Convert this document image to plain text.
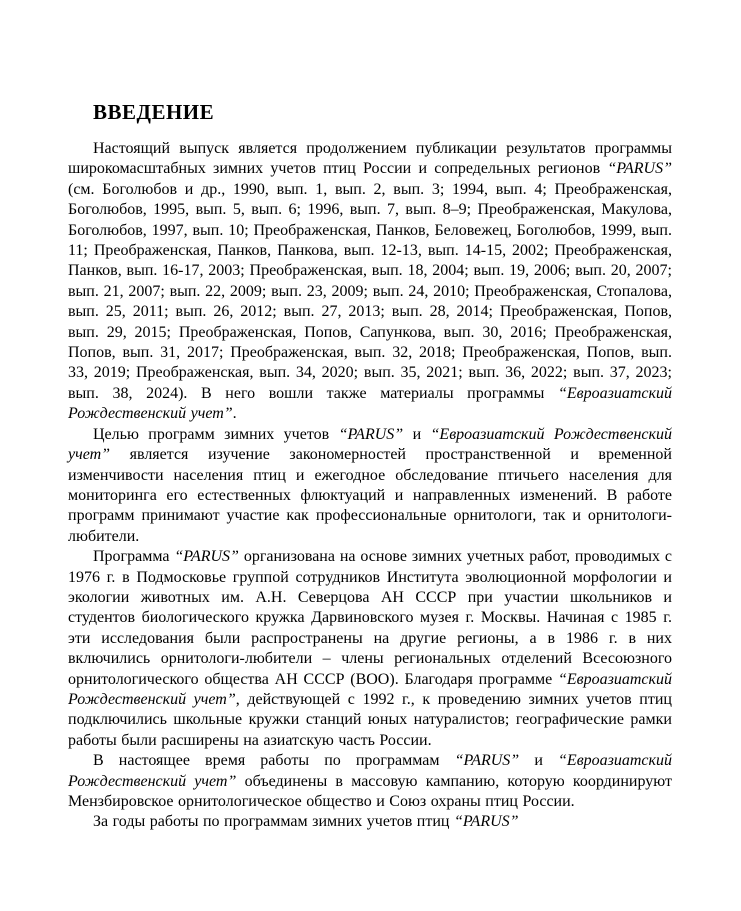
ВВЕДЕНИЕ

Настоящий выпуск является продолжением публикации результатов программы широкомасштабных зимних учетов птиц России и сопредельных регионов “PARUS” (см. Боголюбов и др., 1990, вып. 1, вып. 2, вып. 3; 1994, вып. 4; Преображенская, Боголюбов, 1995, вып. 5, вып. 6; 1996, вып. 7, вып. 8–9; Преображенская, Макулова, Боголюбов, 1997, вып. 10; Преображенская, Панков, Беловежец, Боголюбов, 1999, вып. 11; Преображенская, Панков, Панкова, вып. 12-13, вып. 14-15, 2002; Преображенская, Панков, вып. 16-17, 2003; Преображенская, вып. 18, 2004; вып. 19, 2006; вып. 20, 2007; вып. 21, 2007; вып. 22, 2009; вып. 23, 2009; вып. 24, 2010; Преображенская, Стопалова, вып. 25, 2011; вып. 26, 2012; вып. 27, 2013; вып. 28, 2014; Преображенская, Попов, вып. 29, 2015; Преображенская, Попов, Сапункова, вып. 30, 2016; Преображенская, Попов, вып. 31, 2017; Преображенская, вып. 32, 2018; Преображенская, Попов, вып. 33, 2019; Преображенская, вып. 34, 2020; вып. 35, 2021; вып. 36, 2022; вып. 37, 2023; вып. 38, 2024). В него вошли также материалы программы “Евроазиатский Рождественский учет”.

Целью программ зимних учетов “PARUS” и “Евроазиатский Рождественский учет” является изучение закономерностей пространственной и временной изменчивости населения птиц и ежегодное обследование птичьего населения для мониторинга его естественных флюктуаций и направленных изменений. В работе программ принимают участие как профессиональные орнитологи, так и орнитологи-любители.

Программа “PARUS” организована на основе зимних учетных работ, проводимых с 1976 г. в Подмосковье группой сотрудников Института эволюционной морфологии и экологии животных им. А.Н. Северцова АН СССР при участии школьников и студентов биологического кружка Дарвиновского музея г. Москвы. Начиная с 1985 г. эти исследования были распространены на другие регионы, а в 1986 г. в них включились орнитологи-любители – члены региональных отделений Всесоюзного орнитологического общества АН СССР (ВОО). Благодаря программе “Евроазиатский Рождественский учет”, действующей с 1992 г., к проведению зимних учетов птиц подключились школьные кружки станций юных натуралистов; географические рамки работы были расширены на азиатскую часть России.

В настоящее время работы по программам “PARUS” и “Евроазиатский Рождественский учет” объединены в массовую кампанию, которую координируют Мензбировское орнитологическое общество и Союз охраны птиц России.

За годы работы по программам зимних учетов птиц “PARUS”
